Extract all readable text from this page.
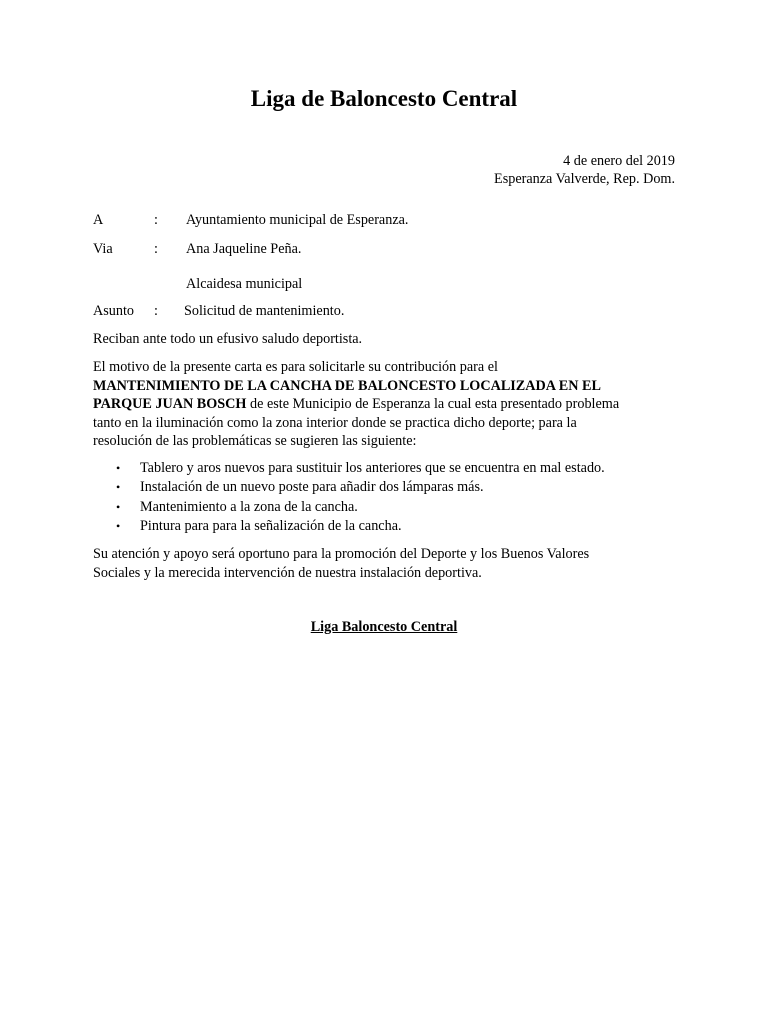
Liga de Baloncesto Central
4 de enero del 2019
Esperanza Valverde, Rep. Dom.
A	: Ayuntamiento municipal de Esperanza.
Via	: Ana Jaqueline Peña.
Alcaidesa municipal
Asunto : Solicitud de mantenimiento.
Reciban ante todo un efusivo saludo deportista.
El motivo de la presente carta es para solicitarle su contribución para el
MANTENIMIENTO DE LA CANCHA DE BALONCESTO LOCALIZADA EN EL
PARQUE JUAN BOSCH de este Municipio de Esperanza la cual esta presentado problema
tanto en la iluminación como la zona interior donde se practica dicho deporte; para la
resolución de las problemáticas se sugieren las siguiente:
• Tablero y aros nuevos para sustituir los anteriores que se encuentra en mal estado.
• Instalación de un nuevo poste para añadir dos lámparas más.
• Mantenimiento a la zona de la cancha.
• Pintura para para la señalización de la cancha.
Su atención y apoyo será oportuno para la promoción del Deporte y los Buenos Valores
Sociales y la merecida intervención de nuestra instalación deportiva.
Liga Baloncesto Central
